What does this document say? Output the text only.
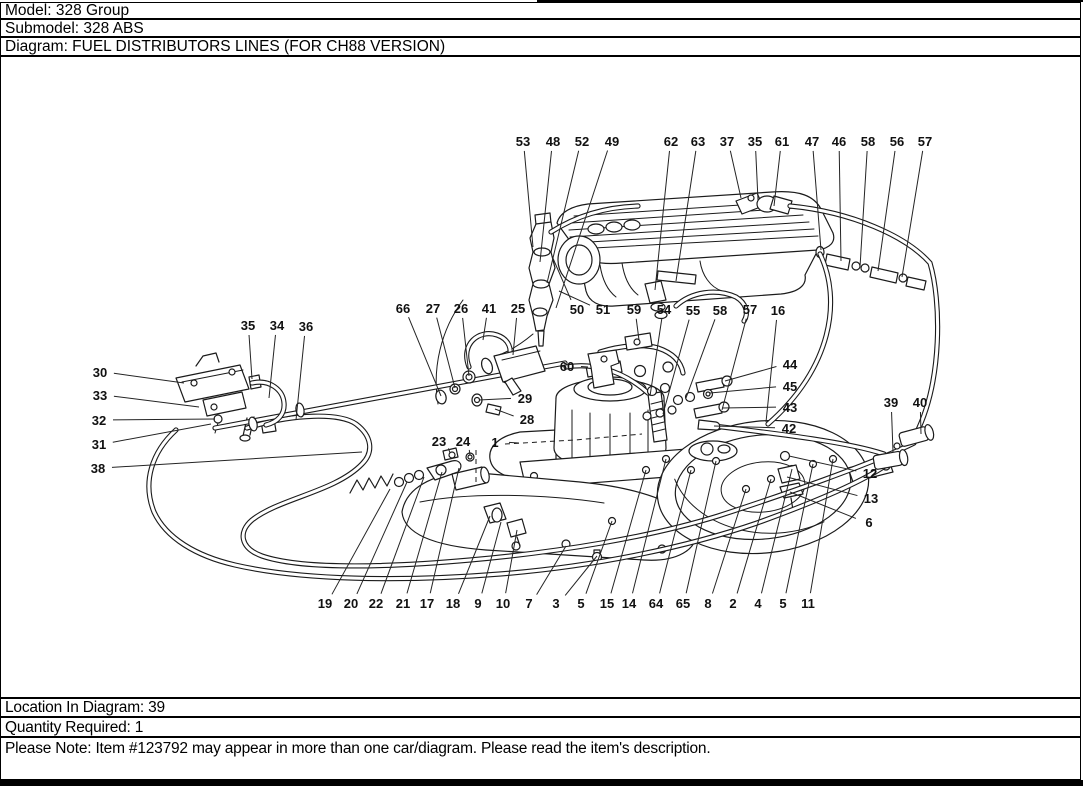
Model: 328 Group
Submodel: 328 ABS
Diagram: FUEL DISTRIBUTORS LINES (FOR CH88 VERSION)
53 48 52 49	62 63 37 35 61 47 46 58 56 57
35 34 36
30
33
32
31
38
66 27 26 41 25	50 51 59 54 55 58 57 16
60
29
28
23 24 1
44
45
43
42
39 40
12
13
6
19 20 22 21 17 18 9 10 7 3 5 15 14 64 65 8 2 4 5 11
Location In Diagram: 39
Quantity Required: 1
Please Note: Item #123792 may appear in more than one car/diagram. Please read the item's description.
